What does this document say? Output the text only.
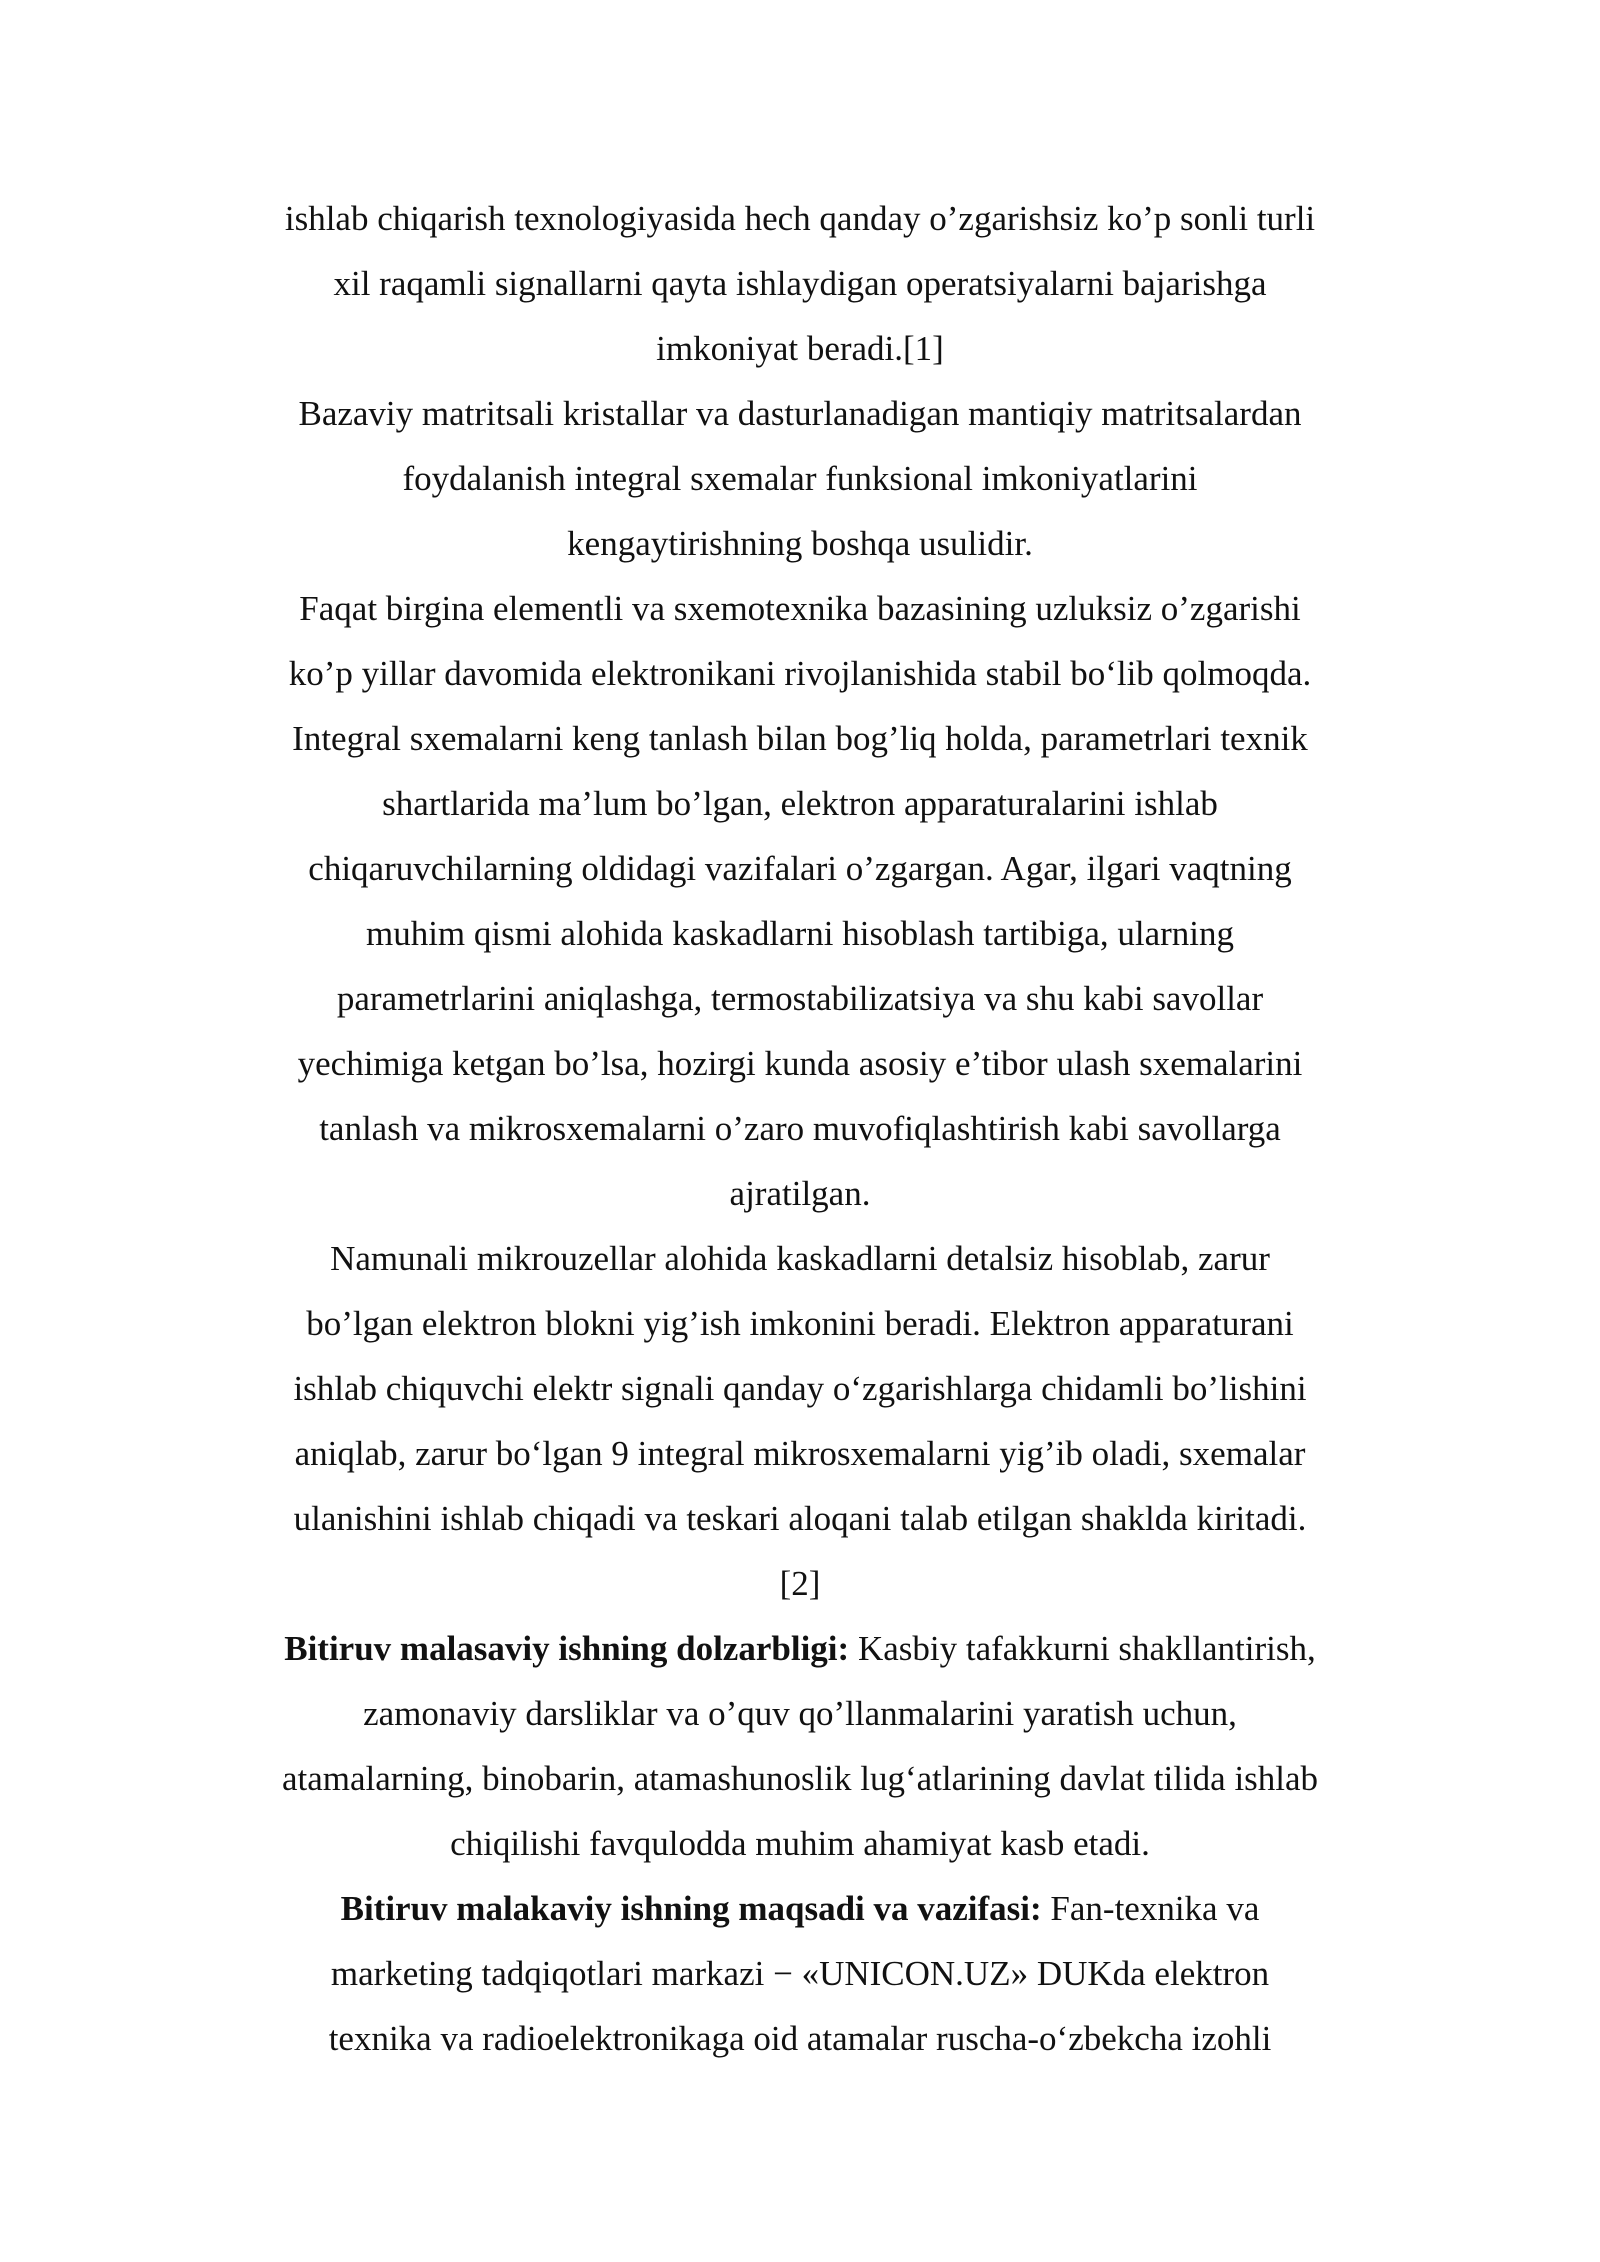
ishlab chiqarish texnologiyasida hech qanday o’zgarishsiz ko’p sonli turli
xil raqamli signallarni qayta ishlaydigan operatsiyalarni bajarishga
imkoniyat beradi.[1]

Bazaviy matritsali kristallar va dasturlanadigan mantiqiy matritsalardan
foydalanish integral sxemalar funksional imkoniyatlarini
kengaytirishning boshqa usulidir.

Faqat birgina elementli va sxemotexnika bazasining uzluksiz o’zgarishi
ko’p yillar davomida elektronikani rivojlanishida stabil bo‘lib qolmoqda.
Integral sxemalarni keng tanlash bilan bog’liq holda, parametrlari texnik
shartlarida ma’lum bo’lgan, elektron apparaturalarini ishlab
chiqaruvchilarning oldidagi vazifalari o’zgargan. Agar, ilgari vaqtning
muhim qismi alohida kaskadlarni hisoblash tartibiga, ularning
parametrlarini aniqlashga, termostabilizatsiya va shu kabi savollar
yechimiga ketgan bo’lsa, hozirgi kunda asosiy e’tibor ulash sxemalarini
tanlash va mikrosxemalarni o’zaro muvofiqlashtirish kabi savollarga
ajratilgan.

Namunali mikrouzellar alohida kaskadlarni detalsiz hisoblab, zarur
bo’lgan elektron blokni yig’ish imkonini beradi. Elektron apparaturani
ishlab chiquvchi elektr signali qanday o‘zgarishlarga chidamli bo’lishini
aniqlab, zarur bo‘lgan 9 integral mikrosxemalarni yig’ib oladi, sxemalar
ulanishini ishlab chiqadi va teskari aloqani talab etilgan shaklda kiritadi.
[2]

Bitiruv malasaviy ishning dolzarbligi: Kasbiy tafakkurni shakllantirish,
zamonaviy darsliklar va o’quv qo’llanmalarini yaratish uchun,
atamalarning, binobarin, atamashunoslik lug‘atlarining davlat tilida ishlab
chiqilishi favqulodda muhim ahamiyat kasb etadi.

Bitiruv malakaviy ishning maqsadi va vazifasi: Fan-texnika va
marketing tadqiqotlari markazi − «UNICON.UZ» DUKda elektron
texnika va radioelektronikaga oid atamalar ruscha-o‘zbekcha izohli
